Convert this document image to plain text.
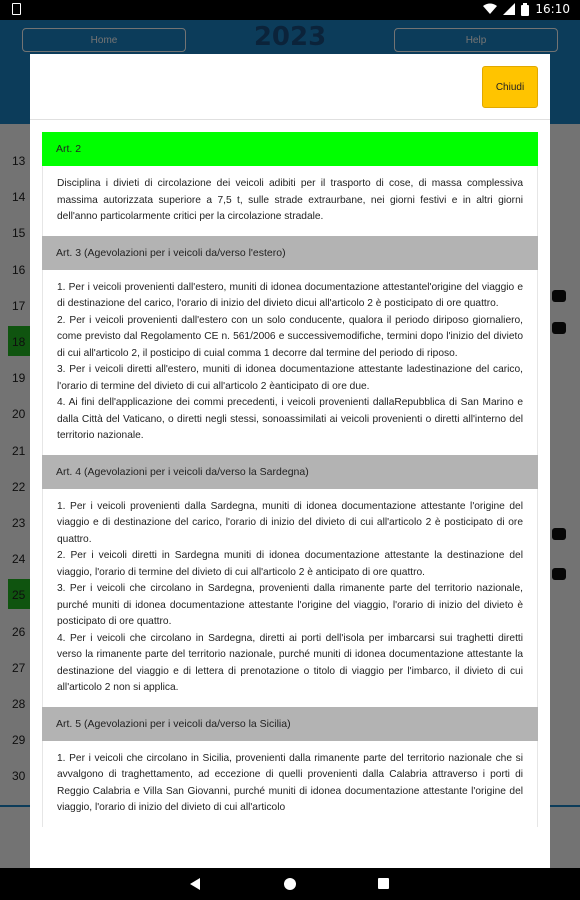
16:10
Chiudi
Art. 2

Disciplina i divieti di circolazione dei veicoli adibiti per il trasporto di cose, di massa complessiva massima autorizzata superiore a 7,5 t, sulle strade extraurbane, nei giorni festivi e in altri giorni dell'anno particolarmente critici per la circolazione stradale.

Art. 3 (Agevolazioni per i veicoli da/verso l'estero)

1. Per i veicoli provenienti dall'estero, muniti di idonea documentazione attestantel'origine del viaggio e di destinazione del carico, l'orario di inizio del divieto dicui all'articolo 2 è posticipato di ore quattro.

2. Per i veicoli provenienti dall'estero con un solo conducente, qualora il periodo diriposo giornaliero, come previsto dal Regolamento CE n. 561/2006 e successivemodifiche, termini dopo l'inizio del divieto di cui all'articolo 2, il posticipo di cuial comma 1 decorre dal termine del periodo di riposo.

3. Per i veicoli diretti all'estero, muniti di idonea documentazione attestante ladestinazione del carico, l'orario di termine del divieto di cui all'articolo 2 èanticipato di ore due.

4. Ai fini dell'applicazione dei commi precedenti, i veicoli provenienti dallaRepubblica di San Marino e dalla Città del Vaticano, o diretti negli stessi, sonoassimilati ai veicoli provenienti o diretti all'interno del territorio nazionale.

Art. 4 (Agevolazioni per i veicoli da/verso la Sardegna)

1. Per i veicoli provenienti dalla Sardegna, muniti di idonea documentazione attestante l'origine del viaggio e di destinazione del carico, l'orario di inizio del divieto di cui all'articolo 2 è posticipato di ore quattro.

2. Per i veicoli diretti in Sardegna muniti di idonea documentazione attestante la destinazione del viaggio, l'orario di termine del divieto di cui all'articolo 2 è anticipato di ore quattro.

3. Per i veicoli che circolano in Sardegna, provenienti dalla rimanente parte del territorio nazionale, purché muniti di idonea documentazione attestante l'origine del viaggio, l'orario di inizio del divieto è posticipato di ore quattro.

4. Per i veicoli che circolano in Sardegna, diretti ai porti dell'isola per imbarcarsi sui traghetti diretti verso la rimanente parte del territorio nazionale, purché muniti di idonea documentazione attestante la destinazione del viaggio e di lettera di prenotazione o titolo di viaggio per l'imbarco, il divieto di cui all'articolo 2 non si applica.

Art. 5 (Agevolazioni per i veicoli da/verso la Sicilia)

1. Per i veicoli che circolano in Sicilia, provenienti dalla rimanente parte del territorio nazionale che si avvalgono di traghettamento, ad eccezione di quelli provenienti dalla Calabria attraverso i porti di Reggio Calabria e Villa San Giovanni, purché muniti di idonea documentazione attestante l'origine del viaggio, l'orario di inizio del divieto di cui all'articolo
